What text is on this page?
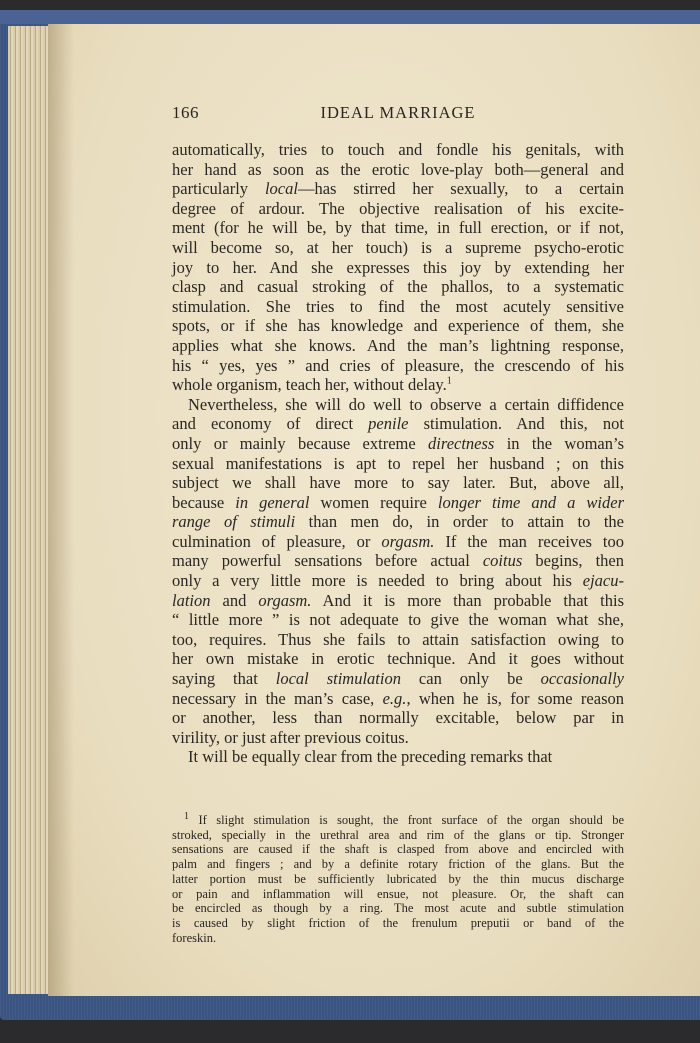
166	IDEAL MARRIAGE
automatically, tries to touch and fondle his genitals, with
her hand as soon as the erotic love-play both—general and
particularly local—has stirred her sexually, to a certain
degree of ardour. The objective realisation of his excite-
ment (for he will be, by that time, in full erection, or if not,
will become so, at her touch) is a supreme psycho-erotic
joy to her. And she expresses this joy by extending her
clasp and casual stroking of the phallos, to a systematic
stimulation. She tries to find the most acutely sensitive
spots, or if she has knowledge and experience of them, she
applies what she knows. And the man’s lightning response,
his “ yes, yes ” and cries of pleasure, the crescendo of his
whole organism, teach her, without delay.$^1$
Nevertheless, she will do well to observe a certain diffidence
and economy of direct penile stimulation. And this, not
only or mainly because extreme directness in the woman’s
sexual manifestations is apt to repel her husband ; on this
subject we shall have more to say later. But, above all,
because in general women require longer time and a wider
range of stimuli than men do, in order to attain to the
culmination of pleasure, or orgasm. If the man receives too
many powerful sensations before actual coitus begins, then
only a very little more is needed to bring about his ejacu-
lation and orgasm. And it is more than probable that this
“ little more ” is not adequate to give the woman what she,
too, requires. Thus she fails to attain satisfaction owing to
her own mistake in erotic technique. And it goes without
saying that local stimulation can only be occasionally
necessary in the man’s case, e.g., when he is, for some reason
or another, less than normally excitable, below par in
virility, or just after previous coitus.
It will be equally clear from the preceding remarks that
$^1$ If slight stimulation is sought, the front surface of the organ should be
stroked, specially in the urethral area and rim of the glans or tip. Stronger
sensations are caused if the shaft is clasped from above and encircled with
palm and fingers ; and by a definite rotary friction of the glans. But the
latter portion must be sufficiently lubricated by the thin mucus discharge
or pain and inflammation will ensue, not pleasure. Or, the shaft can
be encircled as though by a ring. The most acute and subtle stimulation
is caused by slight friction of the frenulum preputii or band of the
foreskin.
